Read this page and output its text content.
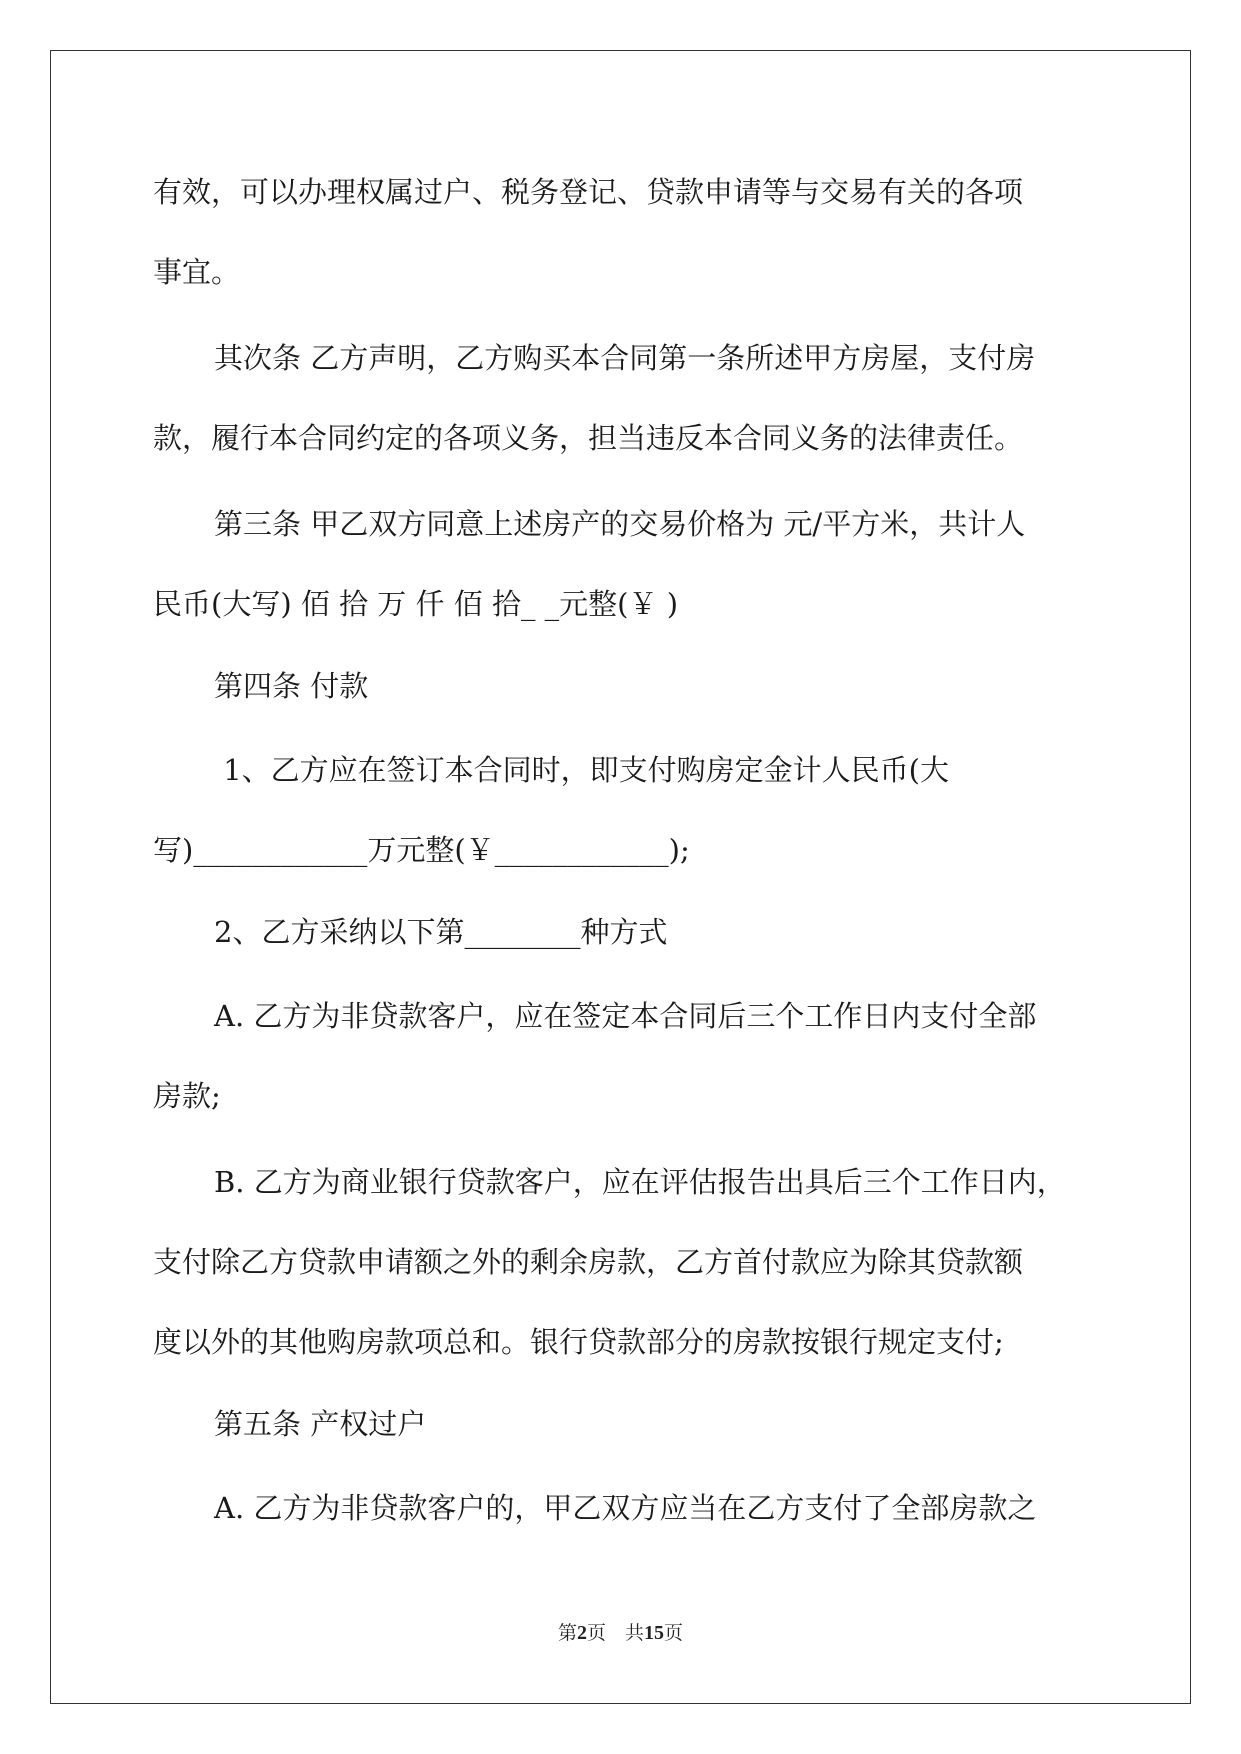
有效，可以办理权属过户、税务登记、贷款申请等与交易有关的各项
事宜。
其次条 乙方声明，乙方购买本合同第一条所述甲方房屋，支付房
款，履行本合同约定的各项义务，担当违反本合同义务的法律责任。
第三条 甲乙双方同意上述房产的交易价格为 元/平方米，共计人
民币(大写) 佰 拾 万 仟 佰 拾_ _元整(￥ )
第四条 付款
1、乙方应在签订本合同时，即支付购房定金计人民币(大
写)____________万元整(￥____________);
2、乙方采纳以下第________种方式
A. 乙方为非贷款客户，应在签定本合同后三个工作日内支付全部
房款;
B. 乙方为商业银行贷款客户，应在评估报告出具后三个工作日内，
支付除乙方贷款申请额之外的剩余房款，乙方首付款应为除其贷款额
度以外的其他购房款项总和。银行贷款部分的房款按银行规定支付;
第五条 产权过户
A. 乙方为非贷款客户的，甲乙双方应当在乙方支付了全部房款之
第2页　共15页
